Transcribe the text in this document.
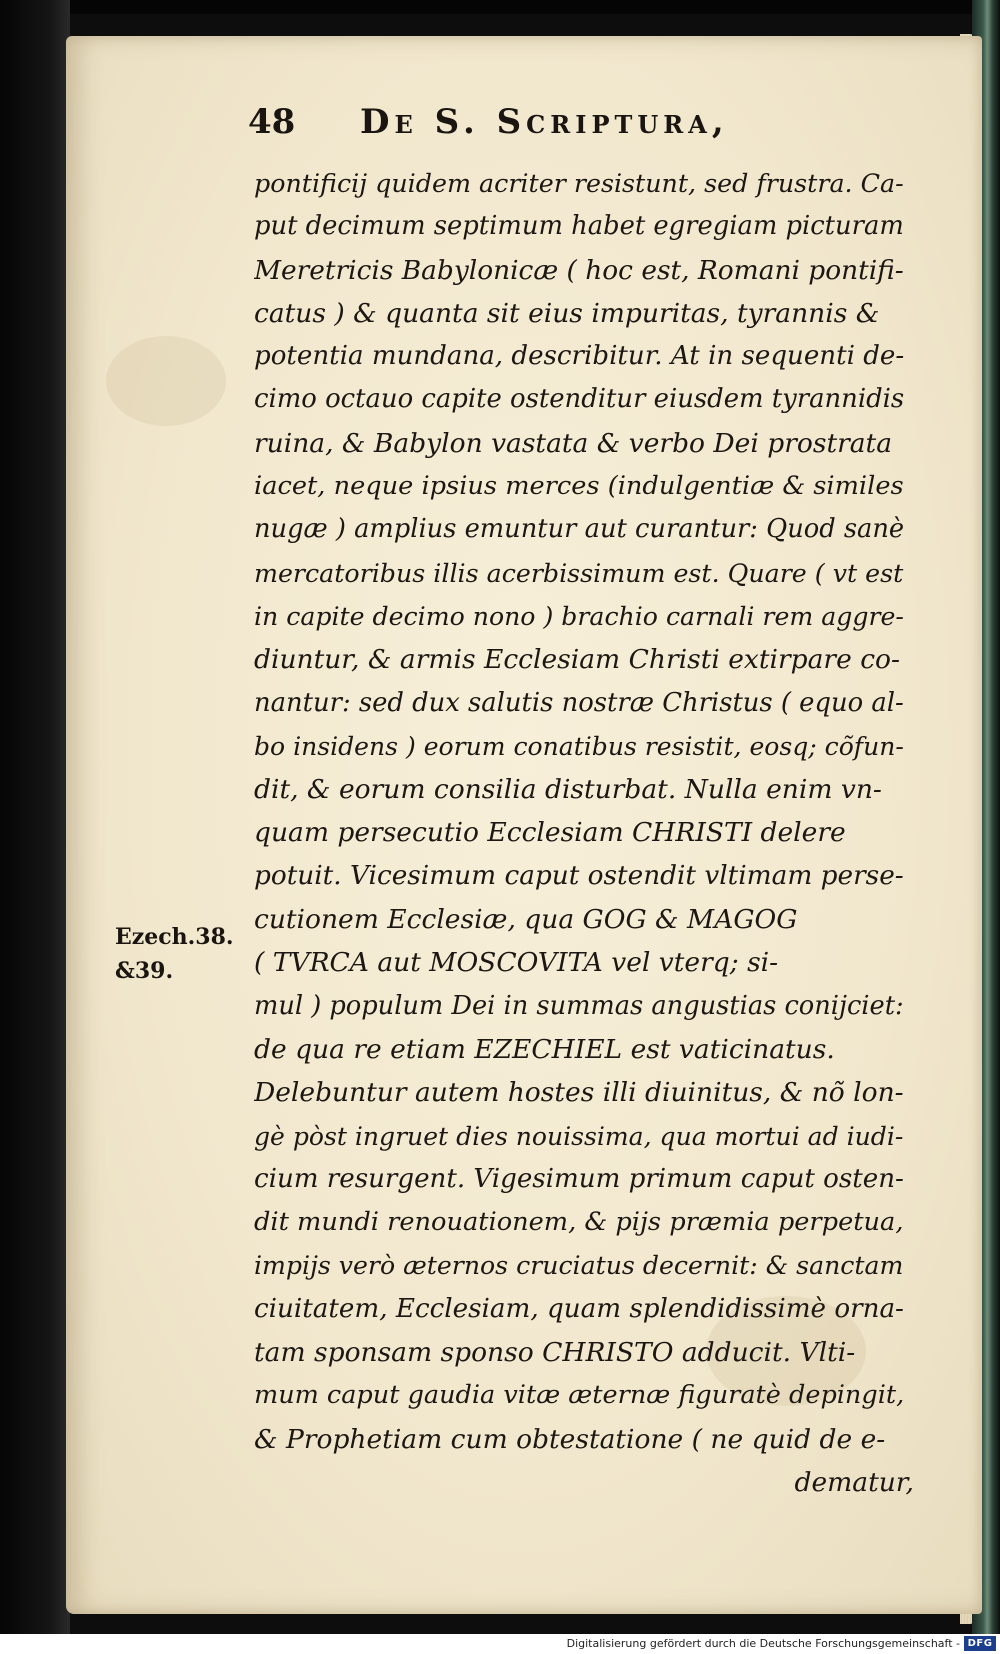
48 De S. Scriptura,
pontificij quidem acriter resistunt, sed frustra. Ca-
put decimum septimum habet egregiam picturam
Meretricis Babylonicæ ( hoc est, Romani pontifi-
catus ) & quanta sit eius impuritas, tyrannis &
potentia mundana, describitur. At in sequenti de-
cimo octauo capite ostenditur eiusdem tyrannidis
ruina, & Babylon vastata & verbo Dei prostrata
iacet, neque ipsius merces (indulgentiæ & similes
nugæ ) amplius emuntur aut curantur: Quod sanè
mercatoribus illis acerbissimum est. Quare ( vt est
in capite decimo nono ) brachio carnali rem aggre-
diuntur, & armis Ecclesiam Christi extirpare co-
nantur: sed dux salutis nostræ Christus ( equo al-
bo insidens ) eorum conatibus resistit, eosq; cõfun-
dit, & eorum consilia disturbat. Nulla enim vn-
quam persecutio Ecclesiam CHRISTI delere
potuit. Vicesimum caput ostendit vltimam perse-
cutionem Ecclesiæ, qua GOG & MAGOG
( TVRCA aut MOSCOVITA vel vterq; si-
mul ) populum Dei in summas angustias conijciet:
de qua re etiam EZECHIEL est vaticinatus.
Delebuntur autem hostes illi diuinitus, & nõ lon-
gè pòst ingruet dies nouissima, qua mortui ad iudi-
cium resurgent. Vigesimum primum caput osten-
dit mundi renouationem, & pijs præmia perpetua,
impijs verò æternos cruciatus decernit: & sanctam
ciuitatem, Ecclesiam, quam splendidissimè orna-
tam sponsam sponso CHRISTO adducit. Vlti-
mum caput gaudia vitæ æternæ figuratè depingit,
& Prophetiam cum obtestatione ( ne quid de e-
dematur,
Ezech.38.
&39.
Digitalisierung gefördert durch die Deutsche Forschungsgemeinschaft - DFG
